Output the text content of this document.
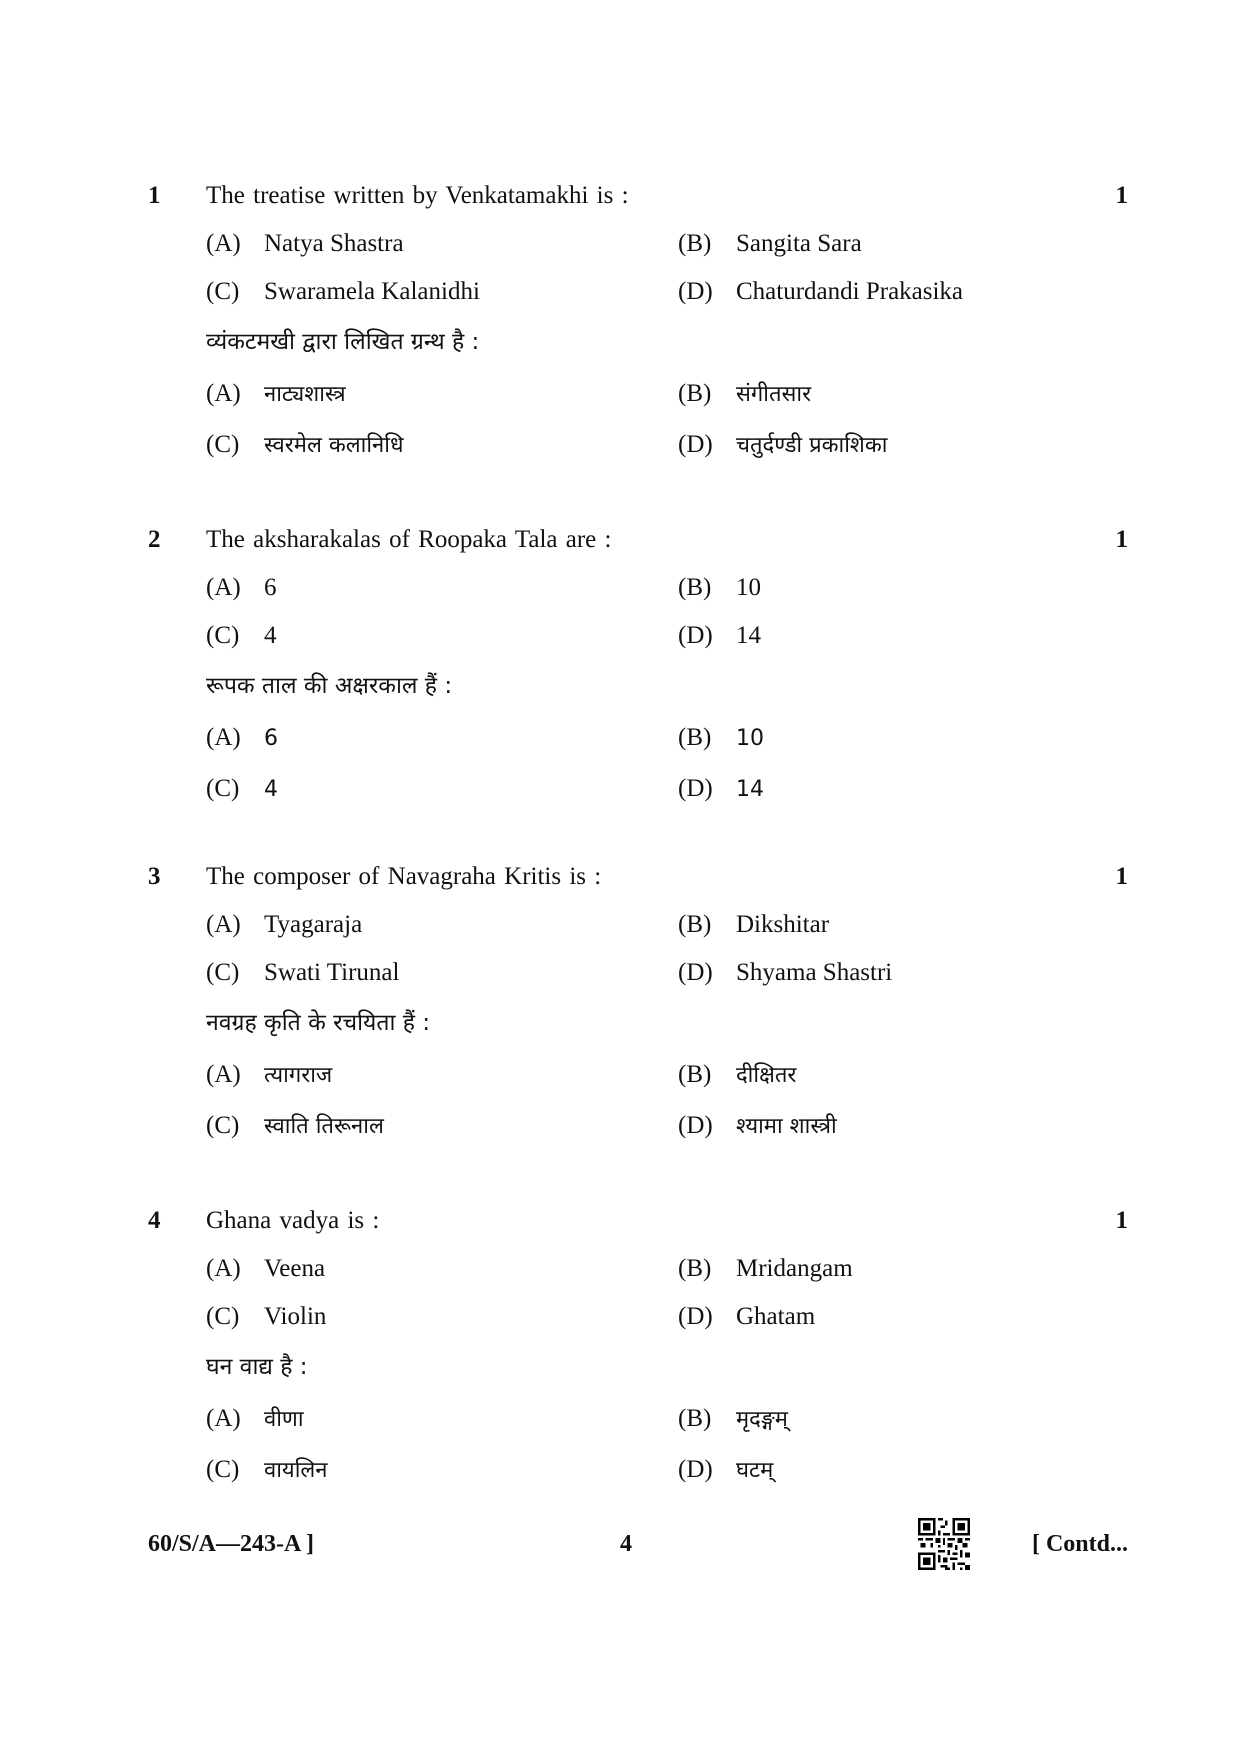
1 The treatise written by Venkatamakhi is :	1
(A) Natya Shastra	(B) Sangita Sara
(C) Swaramela Kalanidhi	(D) Chaturdandi Prakasika
व्यंकटमखी द्वारा लिखित ग्रन्थ है :
(A) नाट्यशास्त्र	(B) संगीतसार
(C) स्वरमेल कलानिधि	(D) चतुर्दण्डी प्रकाशिका
2 The aksharakalas of Roopaka Tala are :	1
(A) 6	(B) 10
(C) 4	(D) 14
रूपक ताल की अक्षरकाल हैं :
(A) 6	(B) 10
(C) 4	(D) 14
3 The composer of Navagraha Kritis is :	1
(A) Tyagaraja	(B) Dikshitar
(C) Swati Tirunal	(D) Shyama Shastri
नवग्रह कृति के रचयिता हैं :
(A) त्यागराज	(B) दीक्षितर
(C) स्वाति तिरूनाल	(D) श्यामा शास्त्री
4 Ghana vadya is :	1
(A) Veena	(B) Mridangam
(C) Violin	(D) Ghatam
घन वाद्य है :
(A) वीणा	(B) मृदङ्गम्
(C) वायलिन	(D) घटम्
60/S/A—243-A ]	4	[ Contd...
